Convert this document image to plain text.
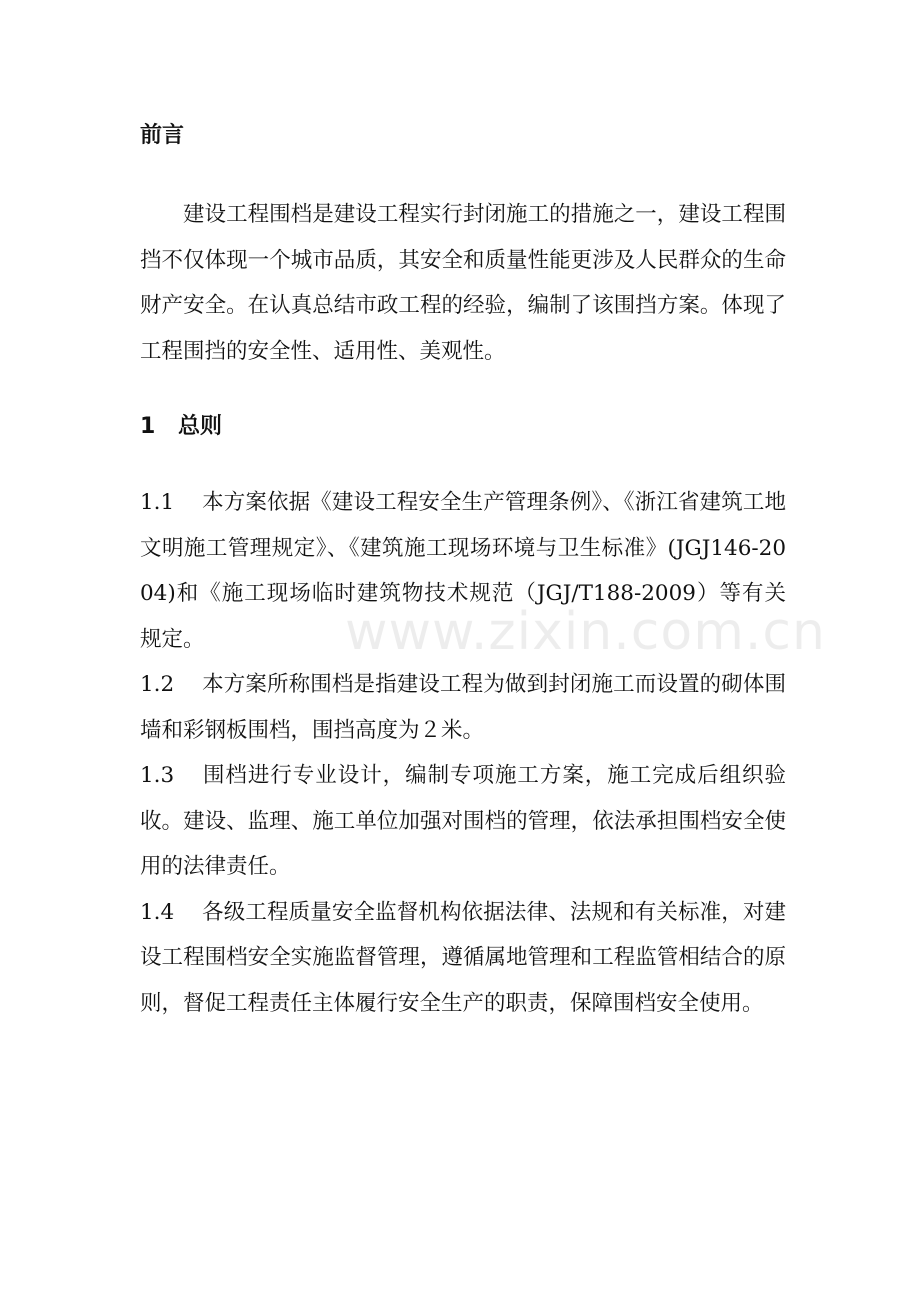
前言

建设工程围档是建设工程实行封闭施工的措施之一，建设工程围挡不仅体现一个城市品质，其安全和质量性能更涉及人民群众的生命财产安全。在认真总结市政工程的经验，编制了该围挡方案。体现了工程围挡的安全性、适用性、美观性。

1 总则

1.1 本方案依据《建设工程安全生产管理条例》、《浙江省建筑工地文明施工管理规定》、《建筑施工现场环境与卫生标准》(JGJ146-2004)和《施工现场临时建筑物技术规范（JGJ/T188-2009）等有关规定。

1.2 本方案所称围档是指建设工程为做到封闭施工而设置的砌体围墙和彩钢板围档，围挡高度为２米。

1.3 围档进行专业设计，编制专项施工方案，施工完成后组织验收。建设、监理、施工单位加强对围档的管理，依法承担围档安全使用的法律责任。

1.4 各级工程质量安全监督机构依据法律、法规和有关标准，对建设工程围档安全实施监督管理，遵循属地管理和工程监管相结合的原则，督促工程责任主体履行安全生产的职责，保障围档安全使用。

www.zixin.com.cn
